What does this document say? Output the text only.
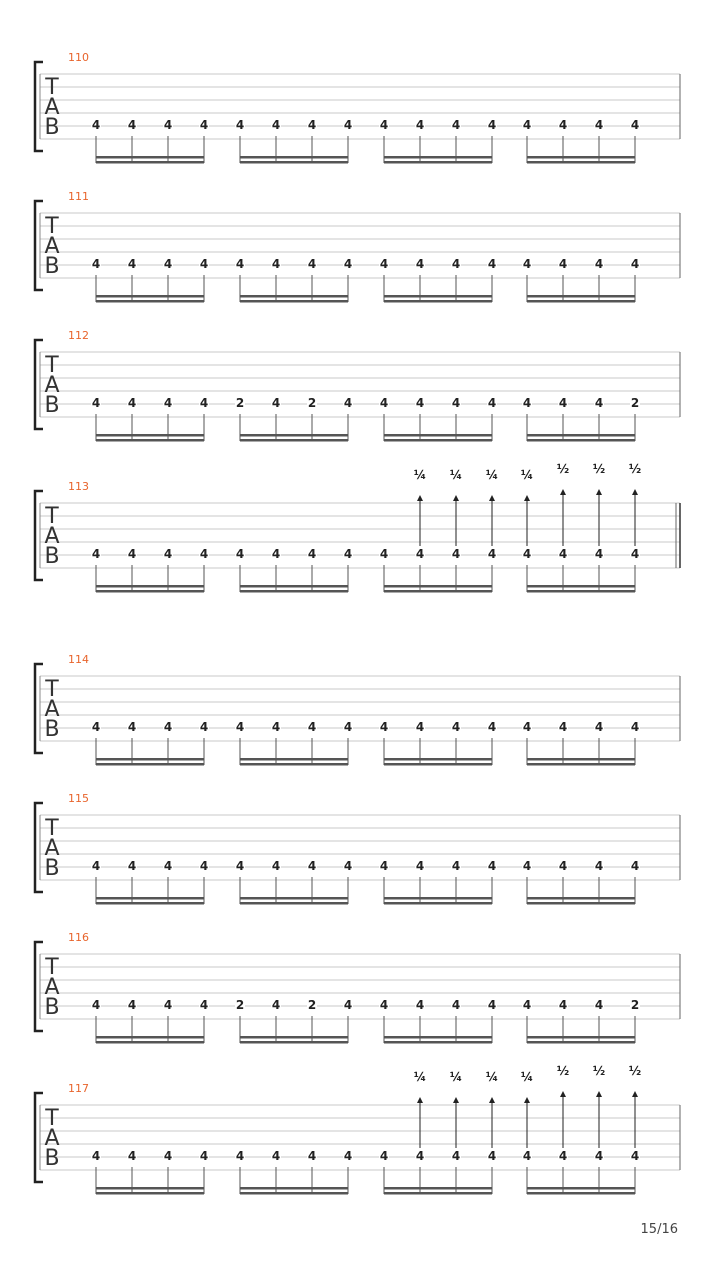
T
A
B
110
4 4 4 4 4 4 4 4 4 4 4 4 4 4 4 4
T
A
B
111
4 4 4 4 4 4 4 4 4 4 4 4 4 4 4 4
T
A
B
112
4 4 4 4 2 4 2 4 4 4 4 4 4 4 4 2
T
A
B
113
4 4 4 4 4 4 4 4 4 4 4 4 4 4 4 4
¼ ¼ ¼ ¼ ½ ½ ½
T
A
B
114
4 4 4 4 4 4 4 4 4 4 4 4 4 4 4 4
T
A
B
115
4 4 4 4 4 4 4 4 4 4 4 4 4 4 4 4
T
A
B
116
4 4 4 4 2 4 2 4 4 4 4 4 4 4 4 2
T
A
B
117
4 4 4 4 4 4 4 4 4 4 4 4 4 4 4 4
¼ ¼ ¼ ¼ ½ ½ ½
15/16
